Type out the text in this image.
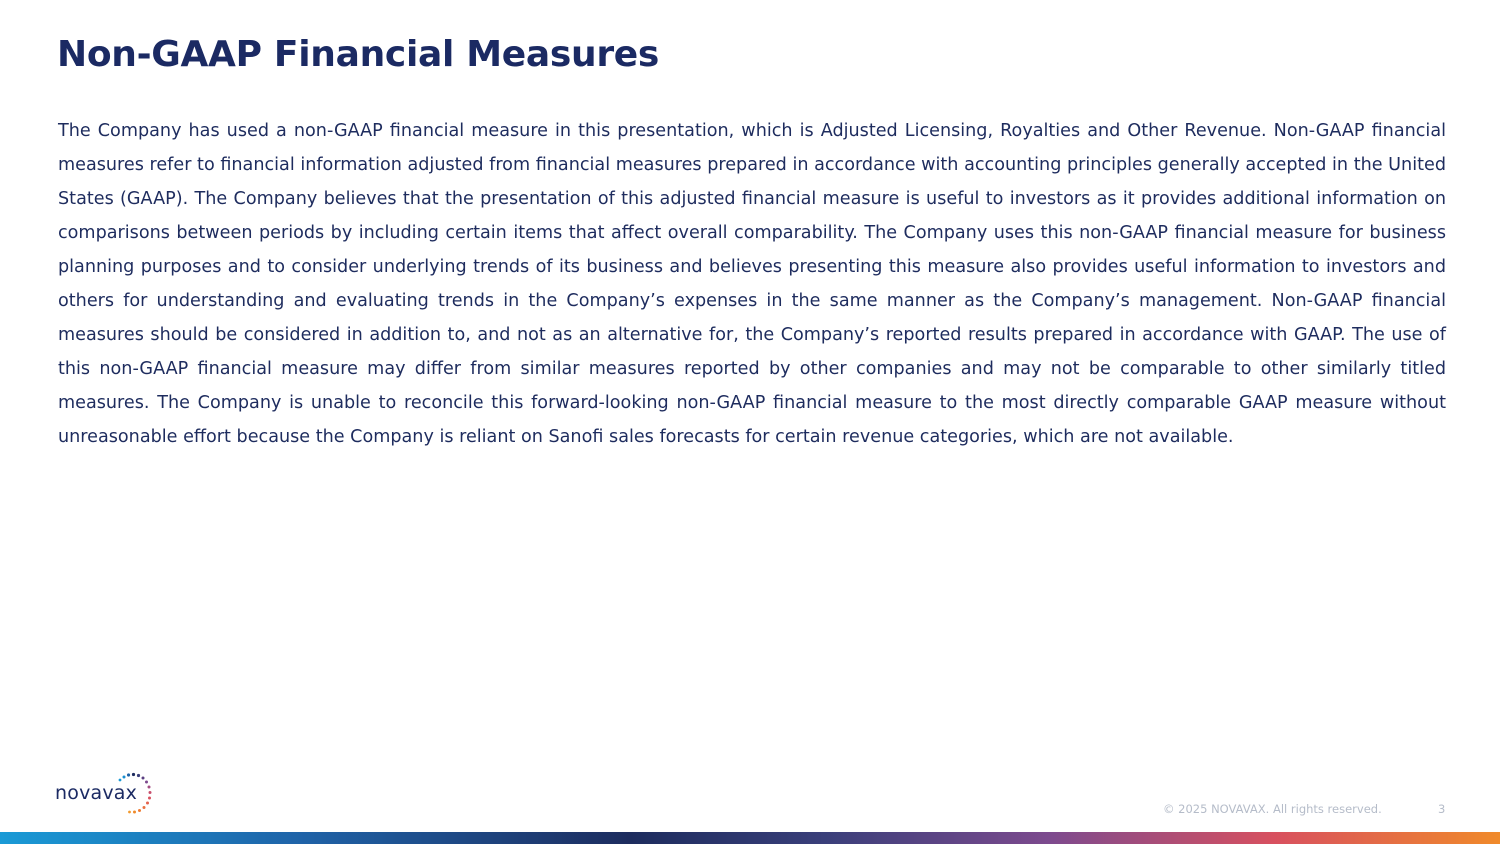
Non-GAAP Financial Measures

The Company has used a non-GAAP financial measure in this presentation, which is Adjusted Licensing, Royalties and Other Revenue. Non-GAAP financial measures refer to financial information adjusted from financial measures prepared in accordance with accounting principles generally accepted in the United States (GAAP). The Company believes that the presentation of this adjusted financial measure is useful to investors as it provides additional information on comparisons between periods by including certain items that affect overall comparability. The Company uses this non-GAAP financial measure for business planning purposes and to consider underlying trends of its business and believes presenting this measure also provides useful information to investors and others for understanding and evaluating trends in the Company’s expenses in the same manner as the Company’s management. Non-GAAP financial measures should be considered in addition to, and not as an alternative for, the Company’s reported results prepared in accordance with GAAP. The use of this non-GAAP financial measure may differ from similar measures reported by other companies and may not be comparable to other similarly titled measures. The Company is unable to reconcile this forward-looking non-GAAP financial measure to the most directly comparable GAAP measure without unreasonable effort because the Company is reliant on Sanofi sales forecasts for certain revenue categories, which are not available.

novavax
© 2025 NOVAVAX. All rights reserved.	3
